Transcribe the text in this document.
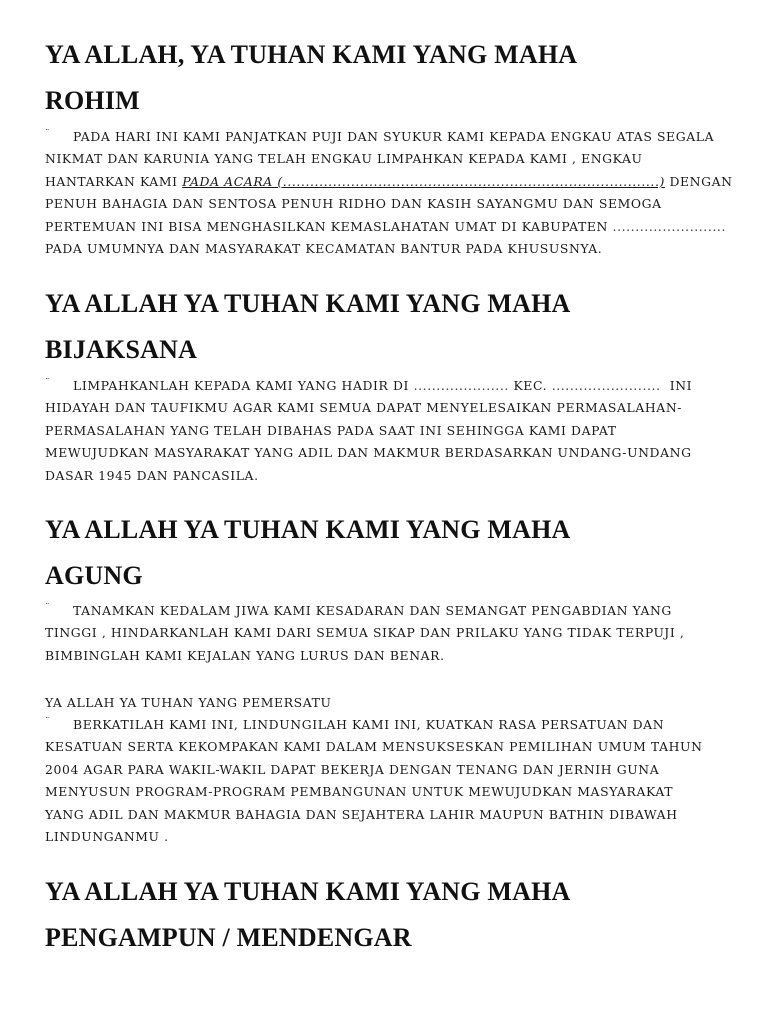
YA ALLAH, YA TUHAN KAMI YANG MAHA
ROHIM
¨ PADA HARI INI KAMI PANJATKAN PUJI DAN SYUKUR KAMI KEPADA ENGKAU ATAS SEGALA
NIKMAT DAN KARUNIA YANG TELAH ENGKAU LIMPAHKAN KEPADA KAMI , ENGKAU
HANTARKAN KAMI PADA ACARA (...................................................................................) DENGAN
PENUH BAHAGIA DAN SENTOSA PENUH RIDHO DAN KASIH SAYANGMU DAN SEMOGA
PERTEMUAN INI BISA MENGHASILKAN KEMASLAHATAN UMAT DI KABUPATEN .........................
PADA UMUMNYA DAN MASYARAKAT KECAMATAN BANTUR PADA KHUSUSNYA.
YA ALLAH YA TUHAN KAMI YANG MAHA
BIJAKSANA
¨ LIMPAHKANLAH KEPADA KAMI YANG HADIR DI ..................... KEC. ........................ INI
HIDAYAH DAN TAUFIKMU AGAR KAMI SEMUA DAPAT MENYELESAIKAN PERMASALAHAN-
PERMASALAHAN YANG TELAH DIBAHAS PADA SAAT INI SEHINGGA KAMI DAPAT
MEWUJUDKAN MASYARAKAT YANG ADIL DAN MAKMUR BERDASARKAN UNDANG-UNDANG
DASAR 1945 DAN PANCASILA.
YA ALLAH YA TUHAN KAMI YANG MAHA
AGUNG
¨ TANAMKAN KEDALAM JIWA KAMI KESADARAN DAN SEMANGAT PENGABDIAN YANG
TINGGI , HINDARKANLAH KAMI DARI SEMUA SIKAP DAN PRILAKU YANG TIDAK TERPUJI ,
BIMBINGLAH KAMI KEJALAN YANG LURUS DAN BENAR.

YA ALLAH YA TUHAN YANG PEMERSATU

¨ BERKATILAH KAMI INI, LINDUNGILAH KAMI INI, KUATKAN RASA PERSATUAN DAN
KESATUAN SERTA KEKOMPAKAN KAMI DALAM MENSUKSESKAN PEMILIHAN UMUM TAHUN
2004 AGAR PARA WAKIL-WAKIL DAPAT BEKERJA DENGAN TENANG DAN JERNIH GUNA
MENYUSUN PROGRAM-PROGRAM PEMBANGUNAN UNTUK MEWUJUDKAN MASYARAKAT
YANG ADIL DAN MAKMUR BAHAGIA DAN SEJAHTERA LAHIR MAUPUN BATHIN DIBAWAH
LINDUNGANMU .
YA ALLAH YA TUHAN KAMI YANG MAHA
PENGAMPUN / MENDENGAR
